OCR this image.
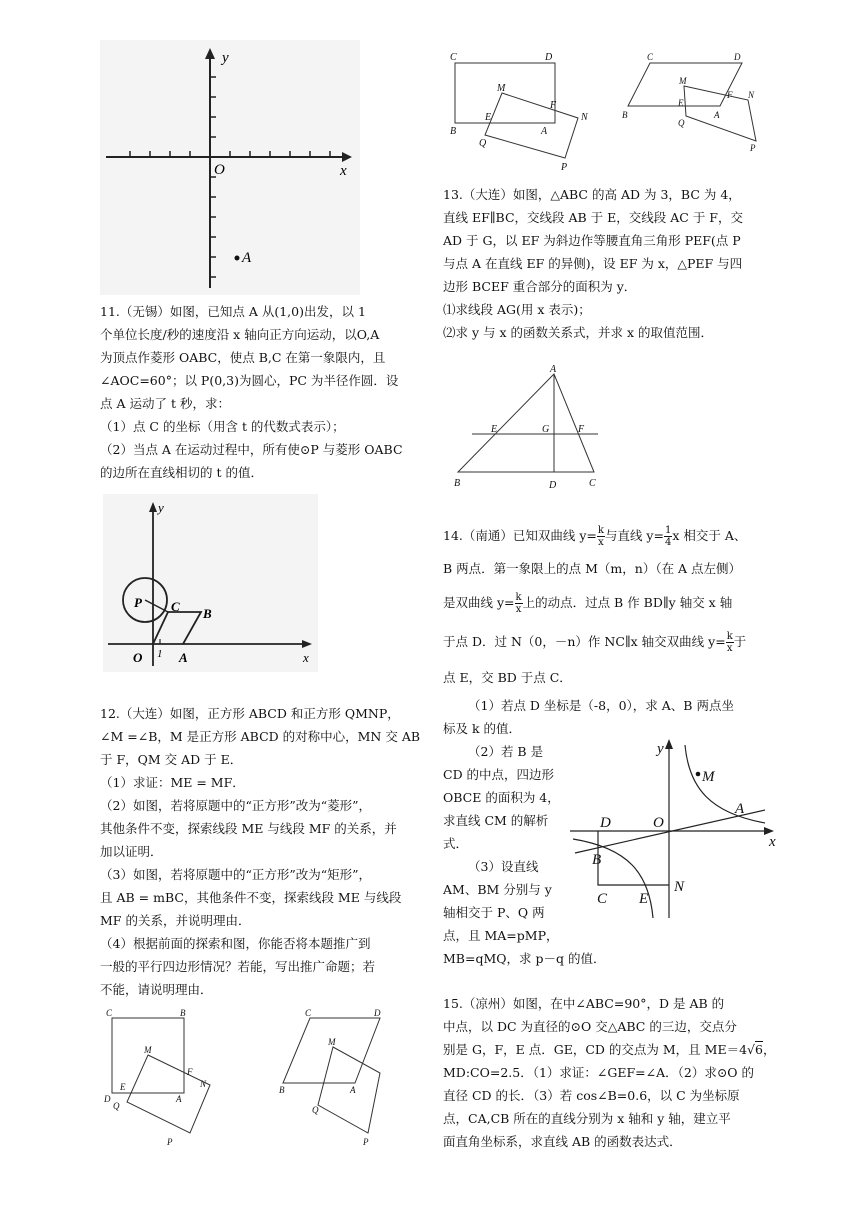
y
x
O
A

11.（无锡）如图，已知点 A 从(1,0)出发，以 1

个单位长度/秒的速度沿 x 轴向正方向运动，以O,A

为顶点作菱形 OABC，使点 B,C 在第一象限内，且

∠AOC=60°；以 P(0,3)为圆心，PC 为半径作圆．设

点 A 运动了 t 秒，求：

（1）点 C 的坐标（用含 t 的代数式表示）；

（2）当点 A 在运动过程中，所有使⊙P 与菱形 OABC

的边所在直线相切的 t 的值．

y
x
O 1 A
B
C
P

12.（大连）如图，正方形 ABCD 和正方形 QMNP，

∠M =∠B，M 是正方形 ABCD 的对称中心，MN 交 AB

于 F，QM 交 AD 于 E．

（1）求证：ME = MF．

（2）如图，若将原题中的“正方形”改为“菱形”，

其他条件不变，探索线段 ME 与线段 MF 的关系，并

加以证明．

（3）如图，若将原题中的“正方形”改为“矩形”，

且 AB = mBC，其他条件不变，探索线段 ME 与线段

MF 的关系，并说明理由．

（4）根据前面的探索和图，你能否将本题推广到

一般的平行四边形情况？若能，写出推广命题；若

不能，请说明理由．

C	B
D	A
M
E
F
N
Q
P
C	D
B	A
M
Q
P
C	D
B	A
M
E
F
N
Q
P
C	D
B	A
M
E
F N
Q
P

13.（大连）如图，△ABC 的高 AD 为 3，BC 为 4，

直线 EF∥BC，交线段 AB 于 E，交线段 AC 于 F，交

AD 于 G，以 EF 为斜边作等腰直角三角形 PEF(点 P

与点 A 在直线 EF 的异侧)，设 EF 为 x，△PEF 与四

边形 BCEF 重合部分的面积为 y．

⑴求线段 AG(用 x 表示)；

⑵求 y 与 x 的函数关系式，并求 x 的取值范围．

A
E	G	F
B	D	C

14.（南通）已知双曲线 $y= \frac{k}{x}$ 与直线 $y= \frac{1}{4}$ x 相交于 A、

B 两点．第一象限上的点 M（m，n）（在 A 点左侧）

是双曲线 $y= \frac{k}{x}$ 上的动点．过点 B 作 BD∥y 轴交 x 轴

于点 D．过 N（0，－n）作 NC∥x 轴交双曲线 $y= \frac{k}{x}$ 于

点 E，交 BD 于点 C．

（1）若点 D 坐标是（-8，0），求 A、B 两点坐

标及 k 的值．

（2）若 B 是

CD 的中点，四边形

OBCE 的面积为 4，

求直线 CM 的解析

式．

（3）设直线

AM、BM 分别与 y

轴相交于 P、Q 两

点，且 MA=pMP，

MB=qMQ，求 p－q 的值．

y
x
M
A
D	O
B
C E
N

15.（凉州）如图，在中∠ABC=90°，D 是 AB 的

中点，以 DC 为直径的⊙O 交△ABC 的三边，交点分

别是 G，F，E 点．GE，CD 的交点为 M，且 ME＝4√6，

MD:CO=2.5．（1）求证：∠GEF=∠A．（2）求⊙O 的

直径 CD 的长．（3）若 cos∠B=0.6，以 C 为坐标原

点，CA,CB 所在的直线分别为 x 轴和 y 轴，建立平

面直角坐标系，求直线 AB 的函数表达式．
